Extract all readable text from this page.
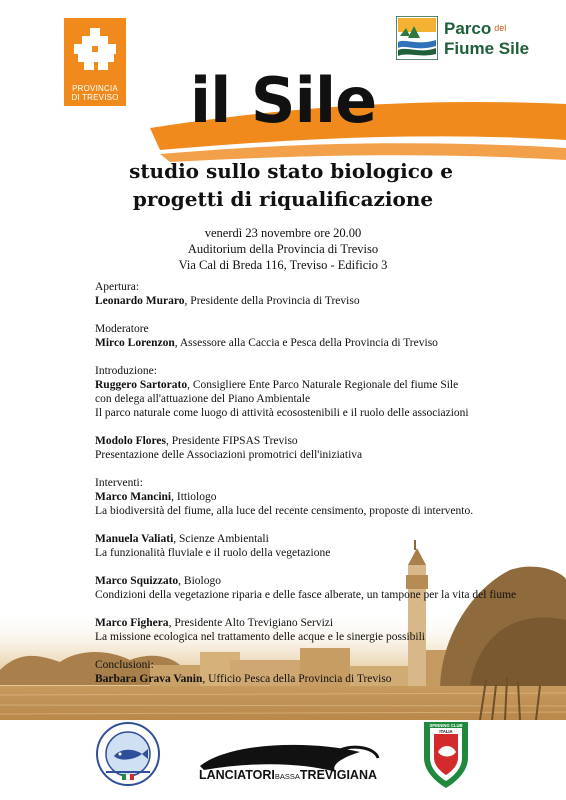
PROVINCIA
DI TREVISO
Parco del
Fiume Sile
il Sile
studio sullo stato biologico e
progetti di riqualificazione
venerdì 23 novembre ore 20.00
Auditorium della Provincia di Treviso
Via Cal di Breda 116, Treviso - Edificio 3
Apertura:
Leonardo Muraro, Presidente della Provincia di Treviso
Moderatore
Mirco Lorenzon, Assessore alla Caccia e Pesca della Provincia di Treviso
Introduzione:
Ruggero Sartorato, Consigliere Ente Parco Naturale Regionale del fiume Sile
con delega all'attuazione del Piano Ambientale
Il parco naturale come luogo di attività ecosostenibili e il ruolo delle associazioni
Modolo Flores, Presidente FIPSAS Treviso
Presentazione delle Associazioni promotrici dell'iniziativa
Interventi:
Marco Mancini, Ittiologo
La biodiversità del fiume, alla luce del recente censimento, proposte di intervento.
Manuela Valiati, Scienze Ambientali
La funzionalità fluviale e il ruolo della vegetazione
Marco Squizzato, Biologo
Condizioni della vegetazione riparia e delle fasce alberate, un tampone per la vita del fiume
Marco Fighera, Presidente Alto Trevigiano Servizi
La missione ecologica nel trattamento delle acque e le sinergie possibili
Conclusioni:
Barbara Grava Vanin, Ufficio Pesca della Provincia di Treviso
LANCIATORIBASSATREVIGIANA
SPINNING CLUB
ITALIA
